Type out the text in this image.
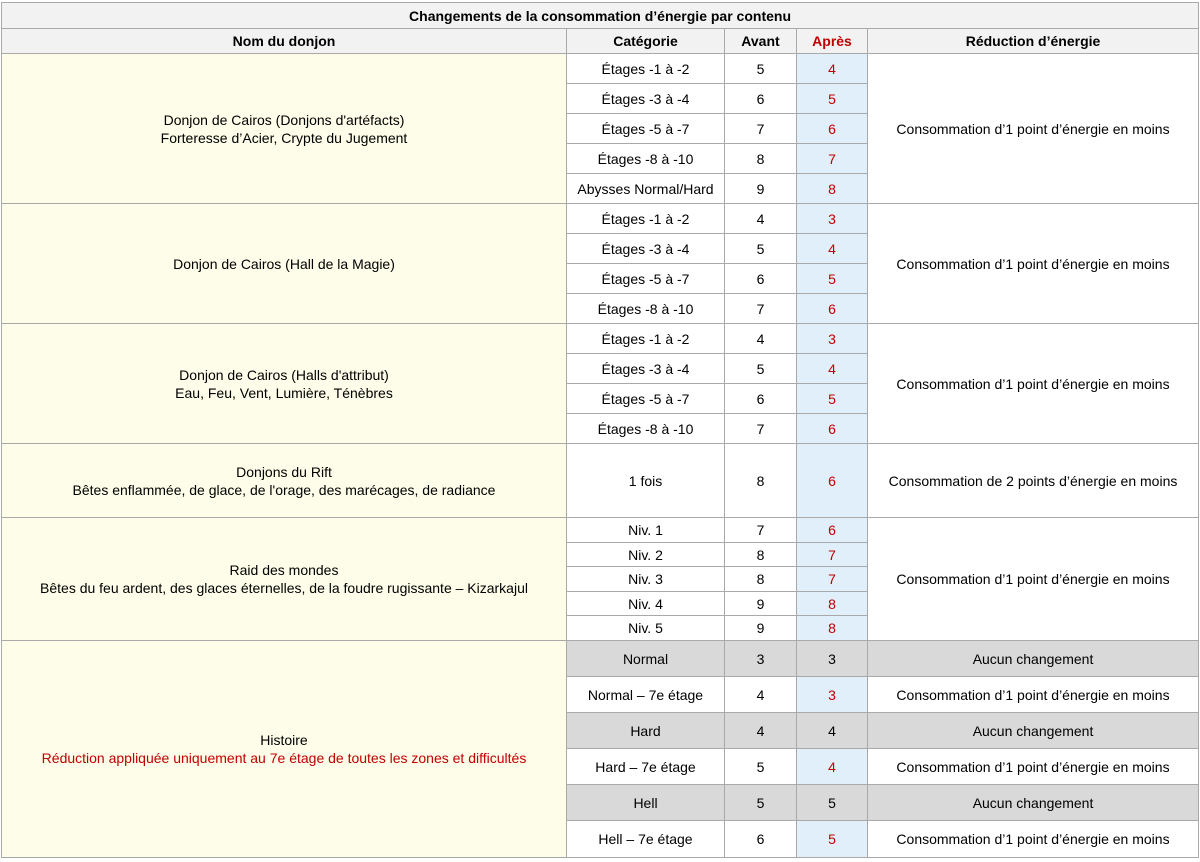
Changements de la consommation d’énergie par contenu				
Nom du donjon	Catégorie	Avant	Après	Réduction d’énergie

Donjon de Cairos (Donjons d'artéfacts)
Forteresse d’Acier, Crypte du Jugement	Étages -1 à -2	5	4	Consommation d’1 point d’énergie en moins
	Étages -3 à -4	6	5	
	Étages -5 à -7	7	6	
	Étages -8 à -10	8	7	
	Abysses Normal/Hard	9	8	

Donjon de Cairos (Hall de la Magie)	Étages -1 à -2	4	3	Consommation d’1 point d’énergie en moins
	Étages -3 à -4	5	4	
	Étages -5 à -7	6	5	
	Étages -8 à -10	7	6	

Donjon de Cairos (Halls d'attribut)
Eau, Feu, Vent, Lumière, Ténèbres	Étages -1 à -2	4	3	Consommation d’1 point d’énergie en moins
	Étages -3 à -4	5	4	
	Étages -5 à -7	6	5	
	Étages -8 à -10	7	6	

Donjons du Rift
Bêtes enflammée, de glace, de l'orage, des marécages, de radiance	1 fois	8	6	Consommation de 2 points d’énergie en moins

Raid des mondes
Bêtes du feu ardent, des glaces éternelles, de la foudre rugissante – Kizarkajul	Niv. 1	7	6	Consommation d’1 point d’énergie en moins
	Niv. 2	8	7	
	Niv. 3	8	7	
	Niv. 4	9	8	
	Niv. 5	9	8	

Histoire
Réduction appliquée uniquement au 7e étage de toutes les zones et difficultés	Normal	3	3	Aucun changement
	Normal – 7e étage	4	3	Consommation d’1 point d’énergie en moins
	Hard	4	4	Aucun changement
	Hard – 7e étage	5	4	Consommation d’1 point d’énergie en moins
	Hell	5	5	Aucun changement
	Hell – 7e étage	6	5	Consommation d’1 point d’énergie en moins
